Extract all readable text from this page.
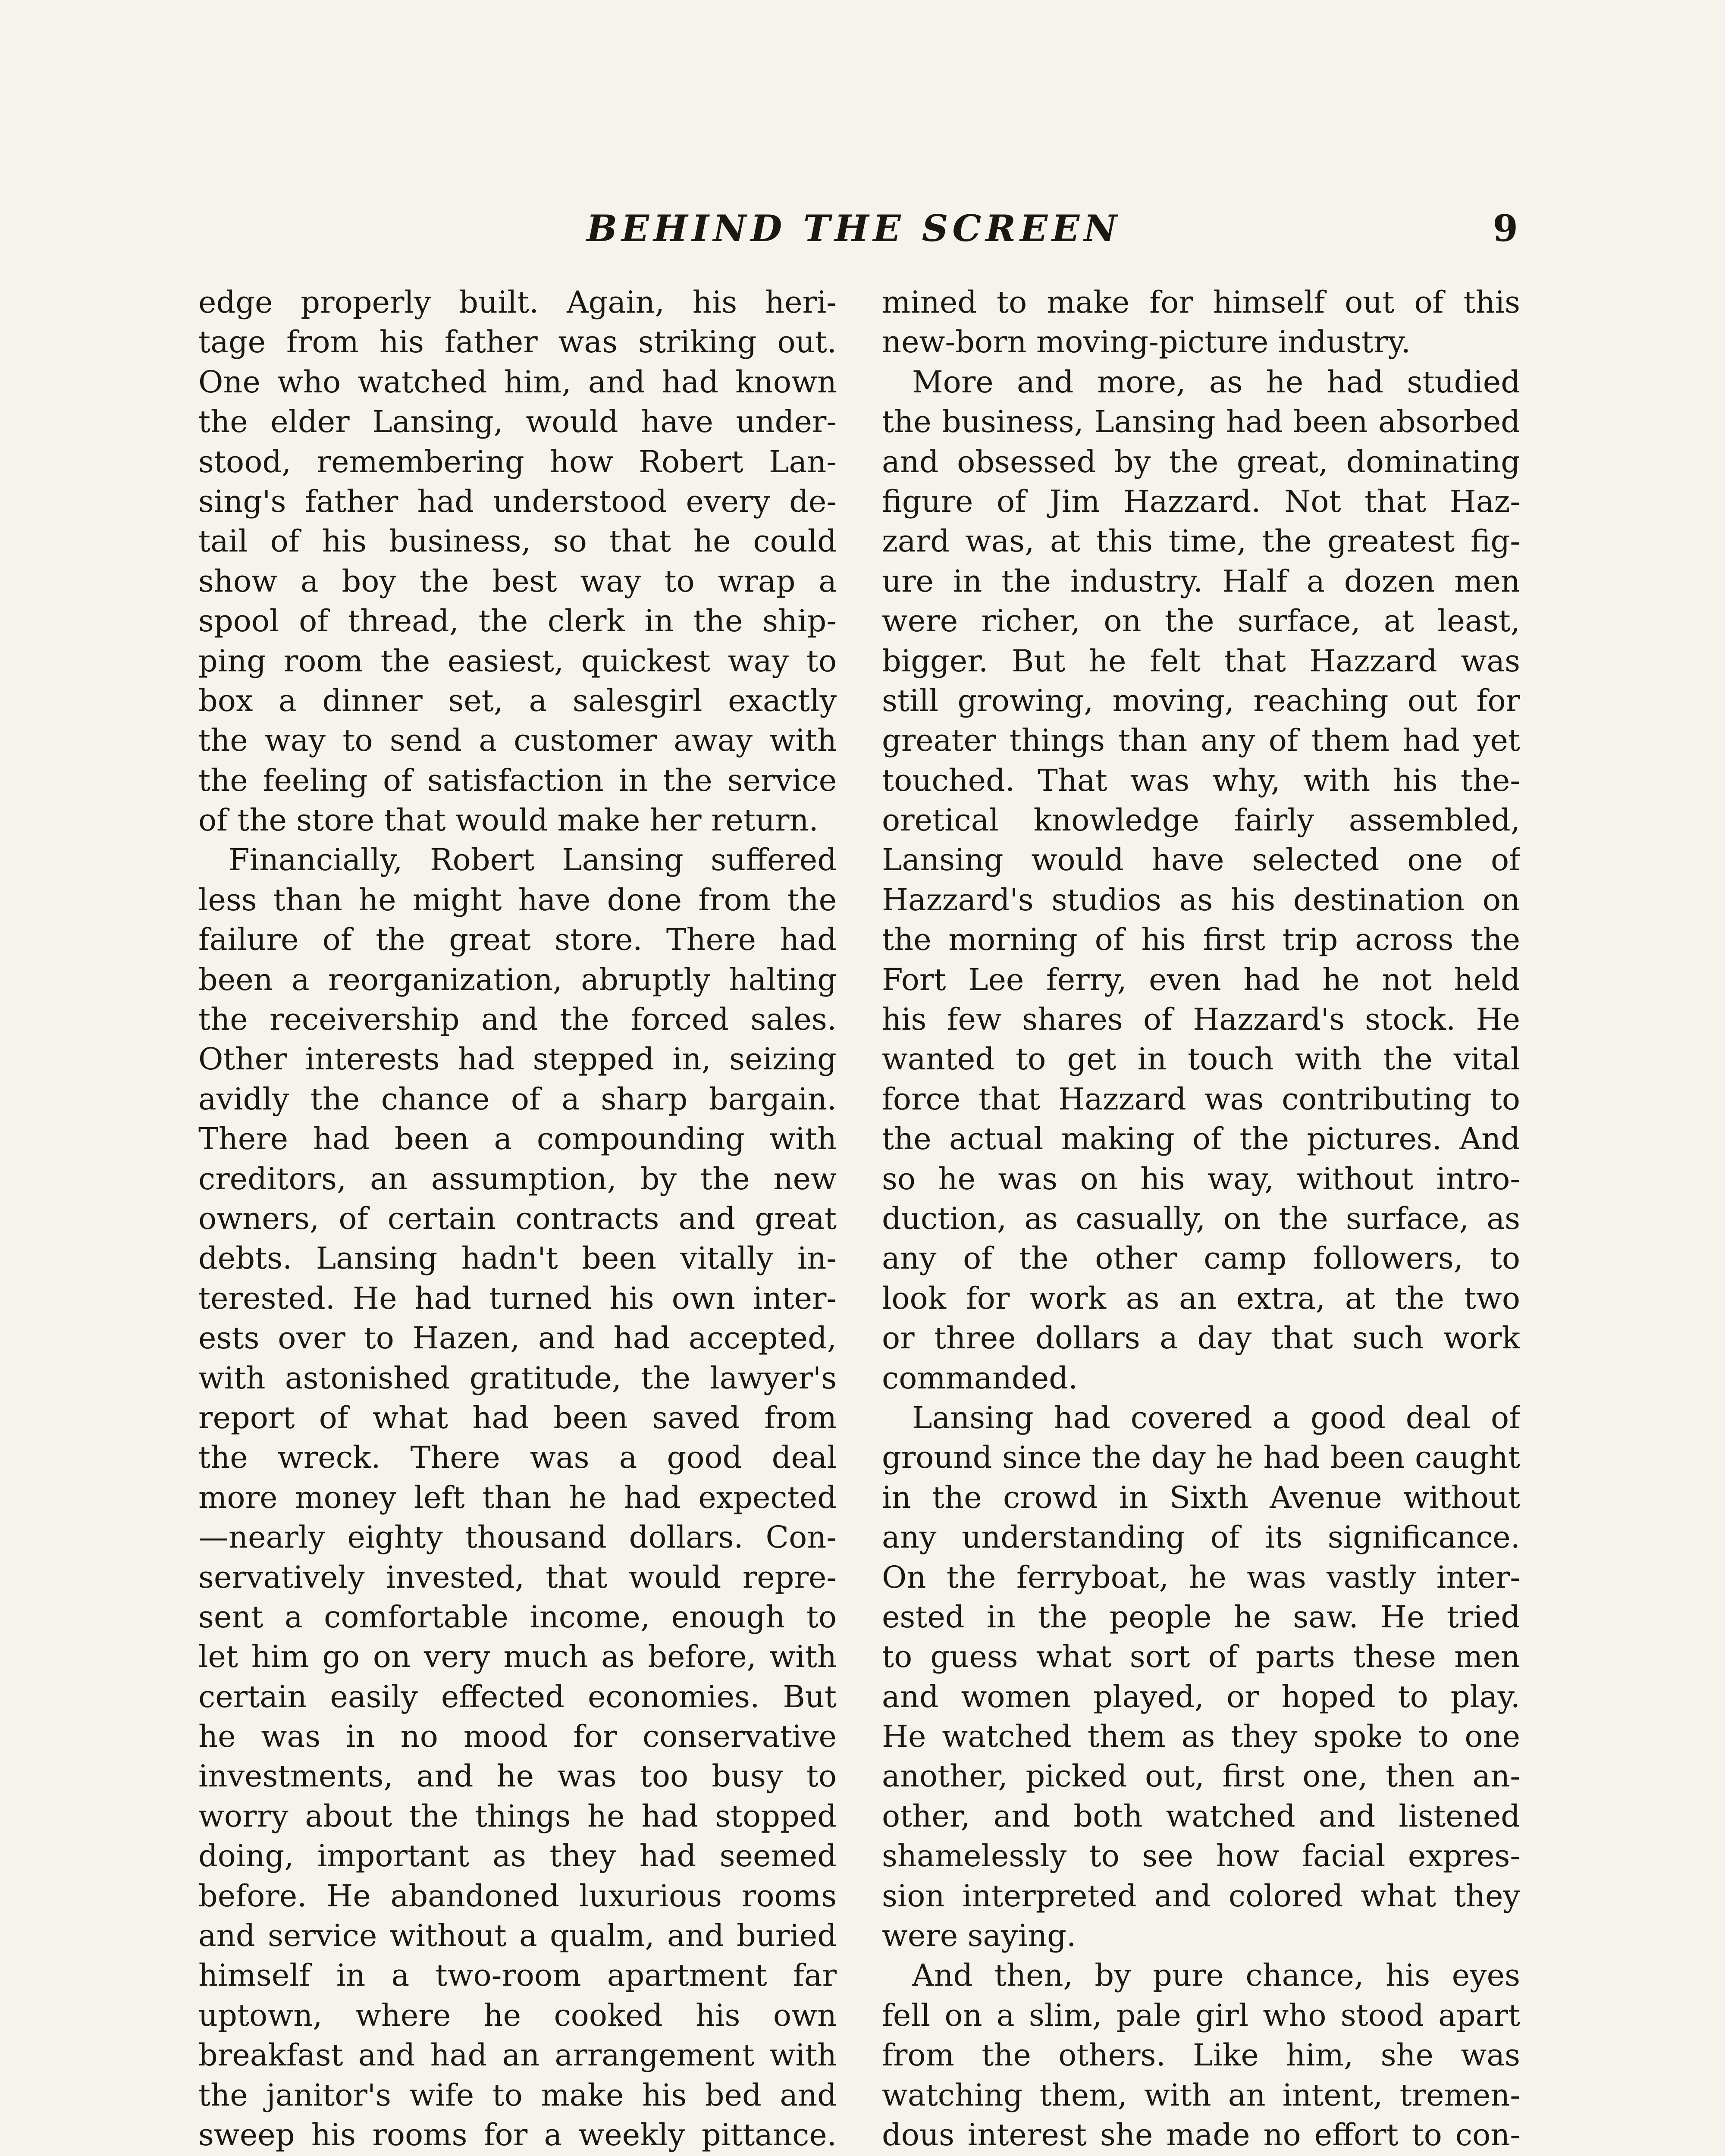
BEHIND THE SCREEN	9
edge properly built. Again, his heri-
tage from his father was striking out.
One who watched him, and had known
the elder Lansing, would have under-
stood, remembering how Robert Lan-
sing's father had understood every de-
tail of his business, so that he could
show a boy the best way to wrap a
spool of thread, the clerk in the ship-
ping room the easiest, quickest way to
box a dinner set, a salesgirl exactly
the way to send a customer away with
the feeling of satisfaction in the service
of the store that would make her return.
Financially, Robert Lansing suffered
less than he might have done from the
failure of the great store. There had
been a reorganization, abruptly halting
the receivership and the forced sales.
Other interests had stepped in, seizing
avidly the chance of a sharp bargain.
There had been a compounding with
creditors, an assumption, by the new
owners, of certain contracts and great
debts. Lansing hadn't been vitally in-
terested. He had turned his own inter-
ests over to Hazen, and had accepted,
with astonished gratitude, the lawyer's
report of what had been saved from
the wreck. There was a good deal
more money left than he had expected
—nearly eighty thousand dollars. Con-
servatively invested, that would repre-
sent a comfortable income, enough to
let him go on very much as before, with
certain easily effected economies. But
he was in no mood for conservative
investments, and he was too busy to
worry about the things he had stopped
doing, important as they had seemed
before. He abandoned luxurious rooms
and service without a qualm, and buried
himself in a two-room apartment far
uptown, where he cooked his own
breakfast and had an arrangement with
the janitor's wife to make his bed and
sweep his rooms for a weekly pittance.
mined to make for himself out of this
new-born moving-picture industry.
More and more, as he had studied
the business, Lansing had been absorbed
and obsessed by the great, dominating
figure of Jim Hazzard. Not that Haz-
zard was, at this time, the greatest fig-
ure in the industry. Half a dozen men
were richer, on the surface, at least,
bigger. But he felt that Hazzard was
still growing, moving, reaching out for
greater things than any of them had yet
touched. That was why, with his the-
oretical knowledge fairly assembled,
Lansing would have selected one of
Hazzard's studios as his destination on
the morning of his first trip across the
Fort Lee ferry, even had he not held
his few shares of Hazzard's stock. He
wanted to get in touch with the vital
force that Hazzard was contributing to
the actual making of the pictures. And
so he was on his way, without intro-
duction, as casually, on the surface, as
any of the other camp followers, to
look for work as an extra, at the two
or three dollars a day that such work
commanded.
Lansing had covered a good deal of
ground since the day he had been caught
in the crowd in Sixth Avenue without
any understanding of its significance.
On the ferryboat, he was vastly inter-
ested in the people he saw. He tried
to guess what sort of parts these men
and women played, or hoped to play.
He watched them as they spoke to one
another, picked out, first one, then an-
other, and both watched and listened
shamelessly to see how facial expres-
sion interpreted and colored what they
were saying.
And then, by pure chance, his eyes
fell on a slim, pale girl who stood apart
from the others. Like him, she was
watching them, with an intent, tremen-
dous interest she made no effort to con-
